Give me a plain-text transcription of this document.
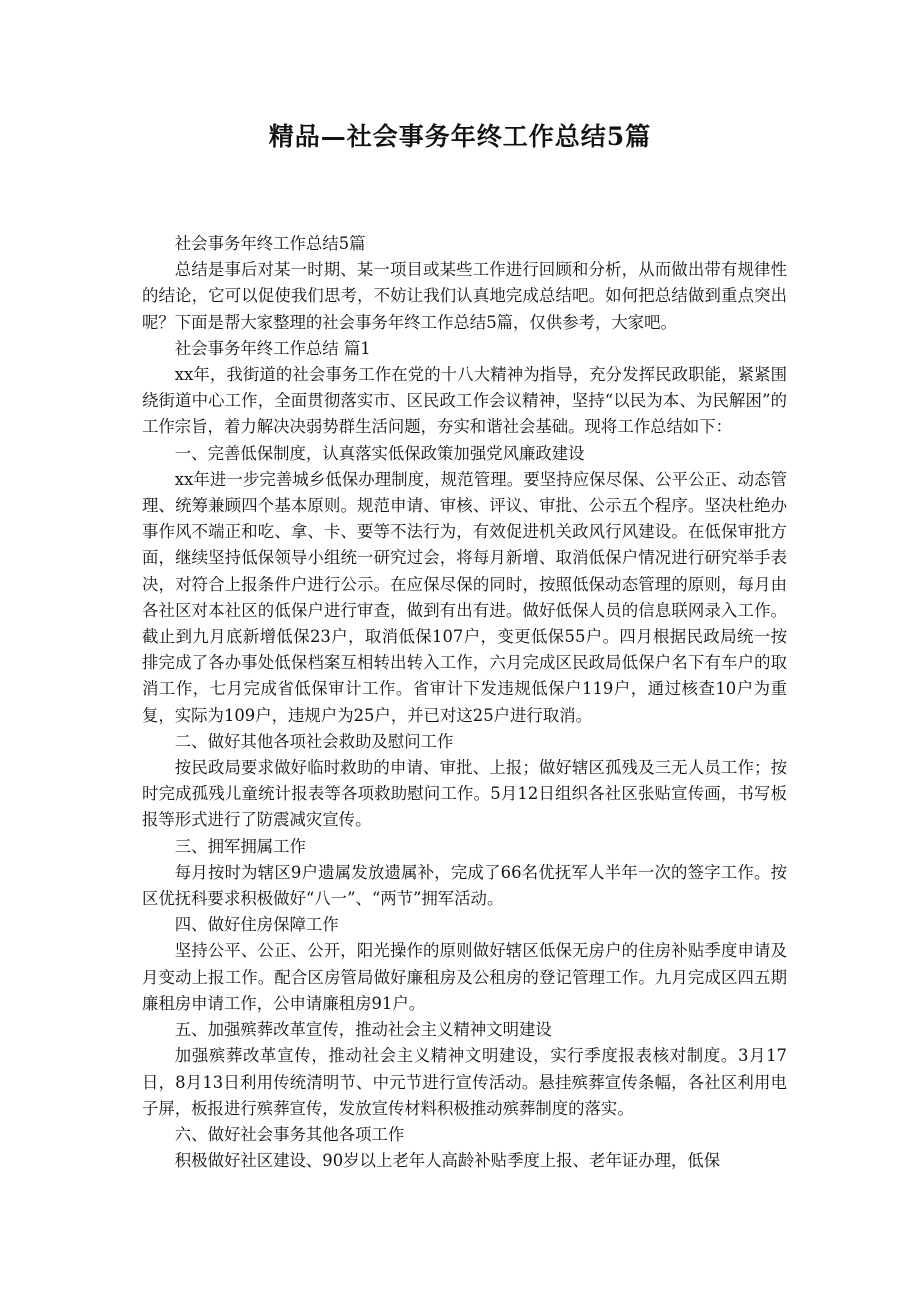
精品—社会事务年终工作总结5篇

社会事务年终工作总结5篇

总结是事后对某一时期、某一项目或某些工作进行回顾和分析，从而做出带有规律性的结论，它可以促使我们思考，不妨让我们认真地完成总结吧。如何把总结做到重点突出呢？下面是帮大家整理的社会事务年终工作总结5篇，仅供参考，大家吧。

社会事务年终工作总结 篇1

xx年，我街道的社会事务工作在党的十八大精神为指导，充分发挥民政职能，紧紧围绕街道中心工作，全面贯彻落实市、区民政工作会议精神，坚持“以民为本、为民解困”的工作宗旨，着力解决决弱势群生活问题，夯实和谐社会基础。现将工作总结如下：

一、完善低保制度，认真落实低保政策加强党风廉政建设

xx年进一步完善城乡低保办理制度，规范管理。要坚持应保尽保、公平公正、动态管理、统筹兼顾四个基本原则。规范申请、审核、评议、审批、公示五个程序。坚决杜绝办事作风不端正和吃、拿、卡、要等不法行为，有效促进机关政风行风建设。在低保审批方面，继续坚持低保领导小组统一研究过会，将每月新增、取消低保户情况进行研究举手表决，对符合上报条件户进行公示。在应保尽保的同时，按照低保动态管理的原则，每月由各社区对本社区的低保户进行审查，做到有出有进。做好低保人员的信息联网录入工作。截止到九月底新增低保23户，取消低保107户，变更低保55户。四月根据民政局统一按排完成了各办事处低保档案互相转出转入工作，六月完成区民政局低保户名下有车户的取消工作，七月完成省低保审计工作。省审计下发违规低保户119户，通过核查10户为重复，实际为109户，违规户为25户，并已对这25户进行取消。

二、做好其他各项社会救助及慰问工作

按民政局要求做好临时救助的申请、审批、上报；做好辖区孤残及三无人员工作；按时完成孤残儿童统计报表等各项救助慰问工作。5月12日组织各社区张贴宣传画，书写板报等形式进行了防震减灾宣传。

三、拥军拥属工作

每月按时为辖区9户遗属发放遗属补，完成了66名优抚军人半年一次的签字工作。按区优抚科要求积极做好“八一”、“两节”拥军活动。

四、做好住房保障工作

坚持公平、公正、公开，阳光操作的原则做好辖区低保无房户的住房补贴季度申请及月变动上报工作。配合区房管局做好廉租房及公租房的登记管理工作。九月完成区四五期廉租房申请工作，公申请廉租房91户。

五、加强殡葬改革宣传，推动社会主义精神文明建设

加强殡葬改革宣传，推动社会主义精神文明建设，实行季度报表核对制度。3月17日，8月13日利用传统清明节、中元节进行宣传活动。悬挂殡葬宣传条幅，各社区利用电子屏，板报进行殡葬宣传，发放宣传材料积极推动殡葬制度的落实。

六、做好社会事务其他各项工作

积极做好社区建设、90岁以上老年人高龄补贴季度上报、老年证办理，低保
